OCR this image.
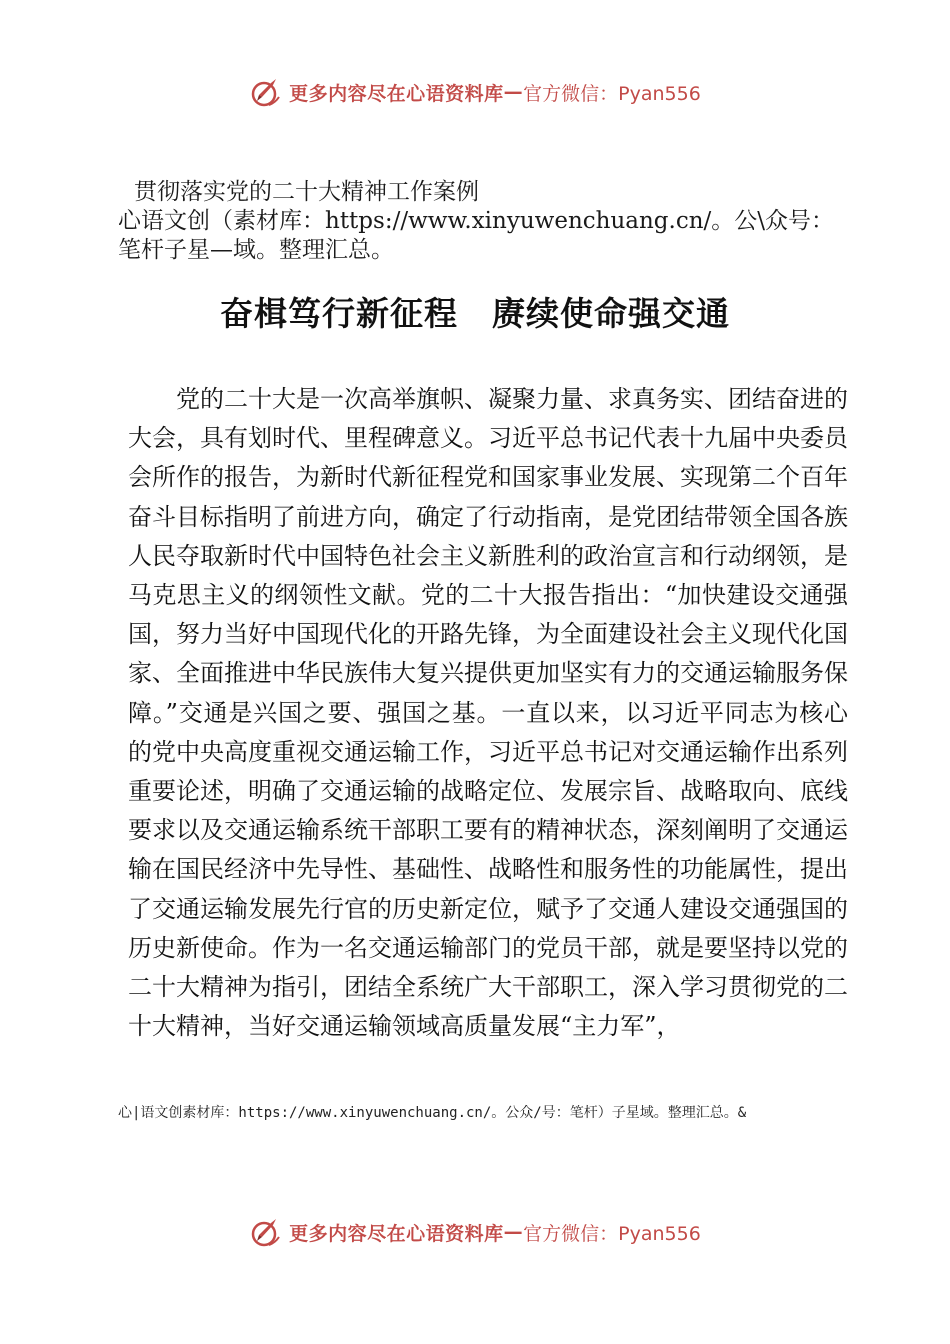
更多内容尽在心语资料库 — 官方微信：Pyan556
贯彻落实党的二十大精神工作案例
心语文创（素材库：https://www.xinyuwenchuang.cn/。公\众号：
笔杆子星—域。整理汇总。
奋楫笃行新征程 赓续使命强交通

党的二十大是一次高举旗帜、凝聚力量、求真务实、团结奋进的大会，具有划时代、里程碑意义。习近平总书记代表十九届中央委员会所作的报告，为新时代新征程党和国家事业发展、实现第二个百年奋斗目标指明了前进方向，确定了行动指南，是党团结带领全国各族人民夺取新时代中国特色社会主义新胜利的政治宣言和行动纲领，是马克思主义的纲领性文献。党的二十大报告指出：“加快建设交通强国，努力当好中国现代化的开路先锋，为全面建设社会主义现代化国家、全面推进中华民族伟大复兴提供更加坚实有力的交通运输服务保障。”交通是兴国之要、强国之基。一直以来，以习近平同志为核心的党中央高度重视交通运输工作，习近平总书记对交通运输作出系列重要论述，明确了交通运输的战略定位、发展宗旨、战略取向、底线要求以及交通运输系统干部职工要有的精神状态，深刻阐明了交通运输在国民经济中先导性、基础性、战略性和服务性的功能属性，提出了交通运输发展先行官的历史新定位，赋予了交通人建设交通强国的历史新使命。作为一名交通运输部门的党员干部，就是要坚持以党的二十大精神为指引，团结全系统广大干部职工，深入学习贯彻党的二十大精神，当好交通运输领域高质量发展“主力军”，

心|语文创素材库：https://www.xinyuwenchuang.cn/。公众/号：笔杆）子星域。整理汇总。&
更多内容尽在心语资料库 — 官方微信：Pyan556
